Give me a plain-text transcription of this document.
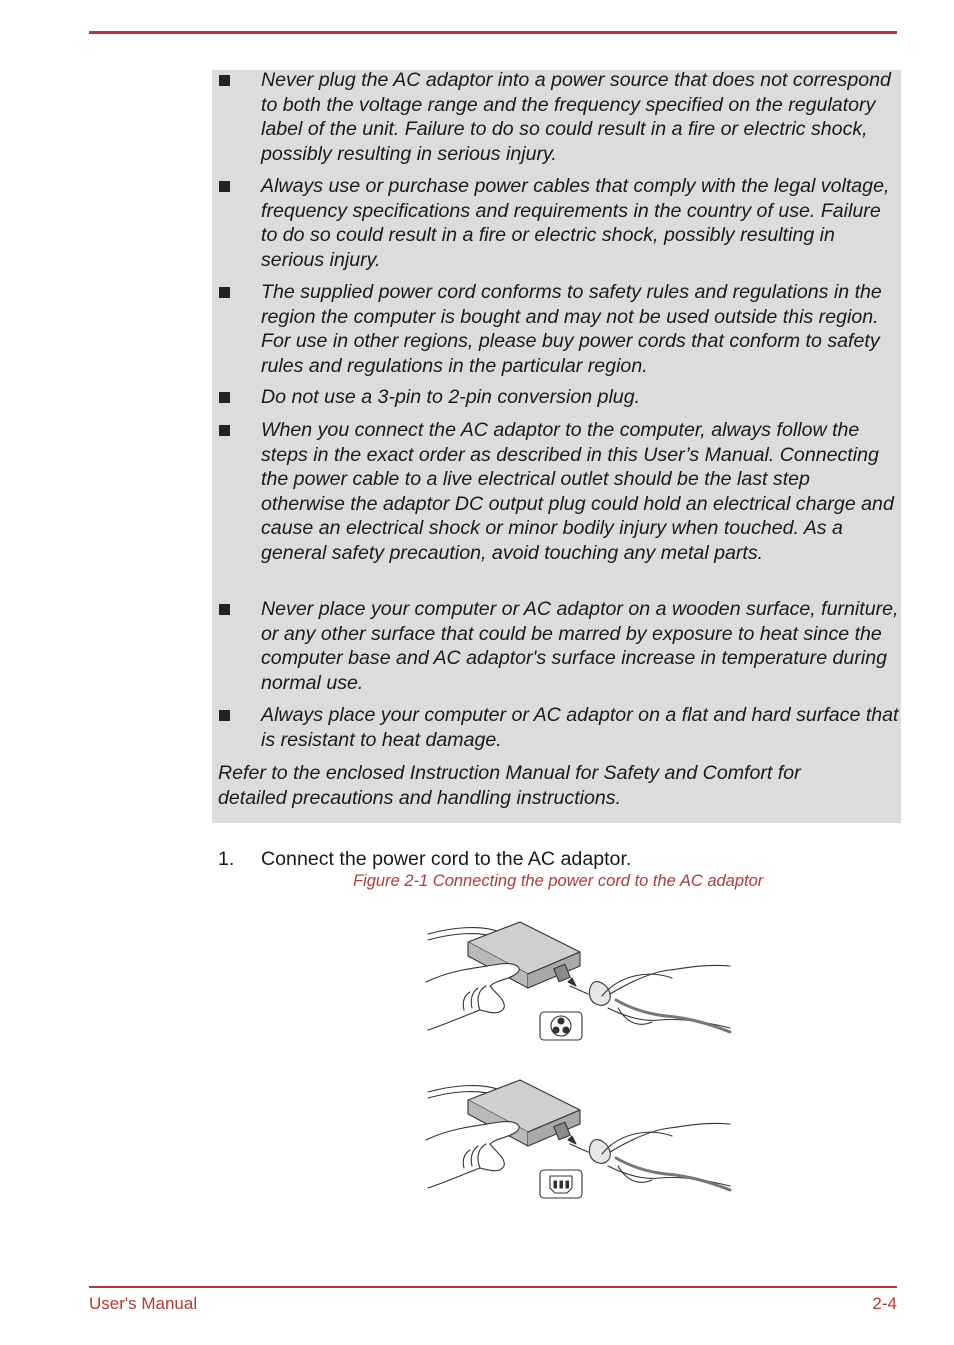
Never plug the AC adaptor into a power source that does not correspond to both the voltage range and the frequency specified on the regulatory label of the unit. Failure to do so could result in a fire or electric shock, possibly resulting in serious injury.
Always use or purchase power cables that comply with the legal voltage, frequency specifications and requirements in the country of use. Failure to do so could result in a fire or electric shock, possibly resulting in serious injury.
The supplied power cord conforms to safety rules and regulations in the region the computer is bought and may not be used outside this region. For use in other regions, please buy power cords that conform to safety rules and regulations in the particular region.
Do not use a 3-pin to 2-pin conversion plug.
When you connect the AC adaptor to the computer, always follow the steps in the exact order as described in this User’s Manual. Connecting the power cable to a live electrical outlet should be the last step otherwise the adaptor DC output plug could hold an electrical charge and cause an electrical shock or minor bodily injury when touched. As a general safety precaution, avoid touching any metal parts.
Never place your computer or AC adaptor on a wooden surface, furniture, or any other surface that could be marred by exposure to heat since the computer base and AC adaptor's surface increase in temperature during normal use.
Always place your computer or AC adaptor on a flat and hard surface that is resistant to heat damage.
Refer to the enclosed Instruction Manual for Safety and Comfort for detailed precautions and handling instructions.
1. Connect the power cord to the AC adaptor.
Figure 2-1 Connecting the power cord to the AC adaptor
User's Manual	2-4
